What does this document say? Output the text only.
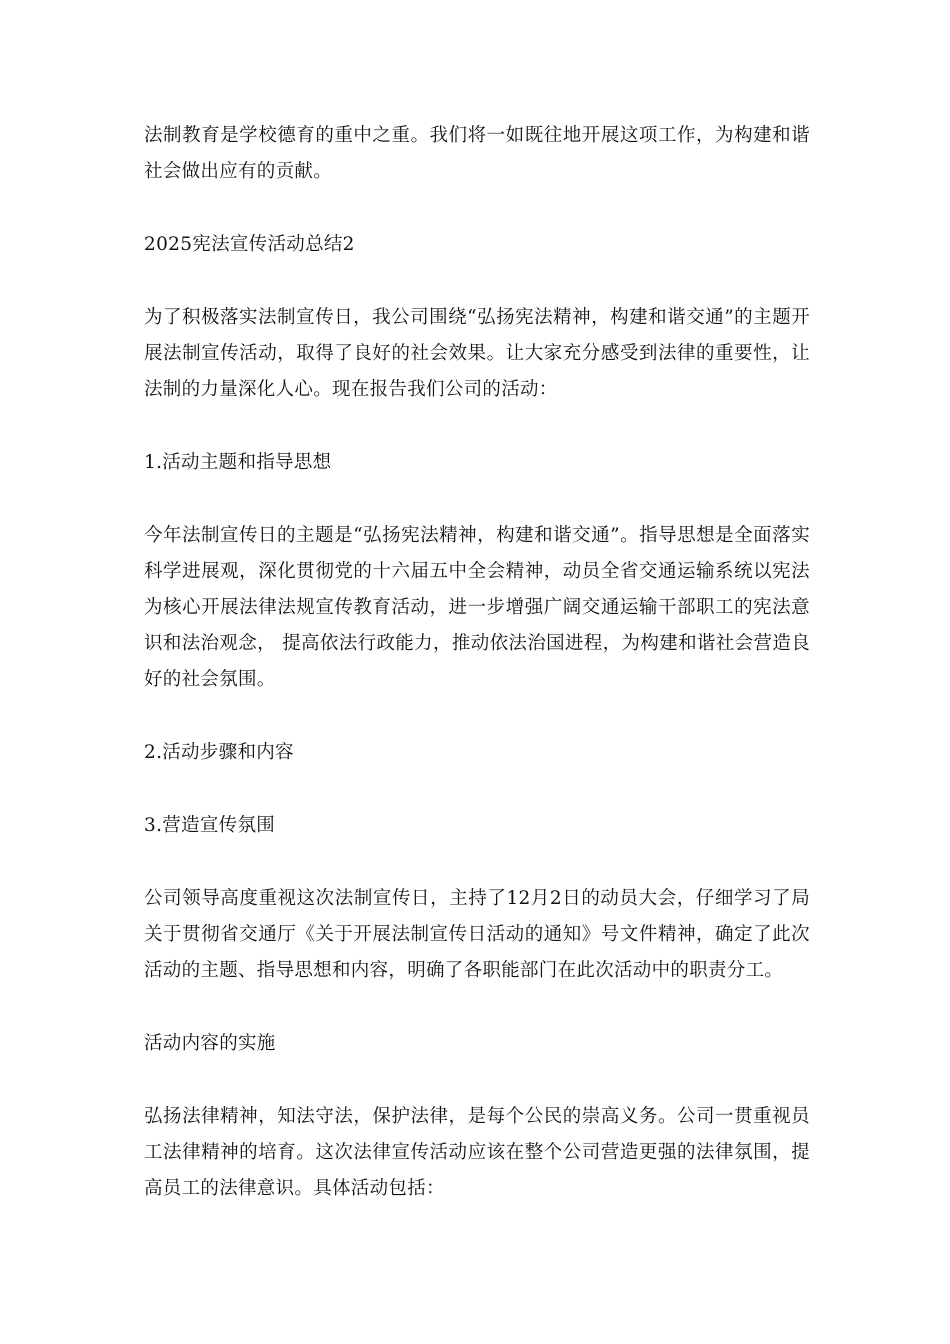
法制教育是学校德育的重中之重。我们将一如既往地开展这项工作，为构建和谐社会做出应有的贡献。

2025宪法宣传活动总结2

为了积极落实法制宣传日，我公司围绕“弘扬宪法精神，构建和谐交通”的主题开展法制宣传活动，取得了良好的社会效果。让大家充分感受到法律的重要性，让法制的力量深化人心。现在报告我们公司的活动：

1.活动主题和指导思想

今年法制宣传日的主题是“弘扬宪法精神，构建和谐交通”。指导思想是全面落实科学进展观，深化贯彻党的十六届五中全会精神，动员全省交通运输系统以宪法为核心开展法律法规宣传教育活动，进一步增强广阔交通运输干部职工的宪法意识和法治观念， 提高依法行政能力，推动依法治国进程，为构建和谐社会营造良好的社会氛围。

2.活动步骤和内容

3.营造宣传氛围

公司领导高度重视这次法制宣传日，主持了12月2日的动员大会，仔细学习了局关于贯彻省交通厅《关于开展法制宣传日活动的通知》号文件精神，确定了此次活动的主题、指导思想和内容，明确了各职能部门在此次活动中的职责分工。

活动内容的实施

弘扬法律精神，知法守法，保护法律，是每个公民的崇高义务。公司一贯重视员工法律精神的培育。这次法律宣传活动应该在整个公司营造更强的法律氛围，提高员工的法律意识。具体活动包括：
